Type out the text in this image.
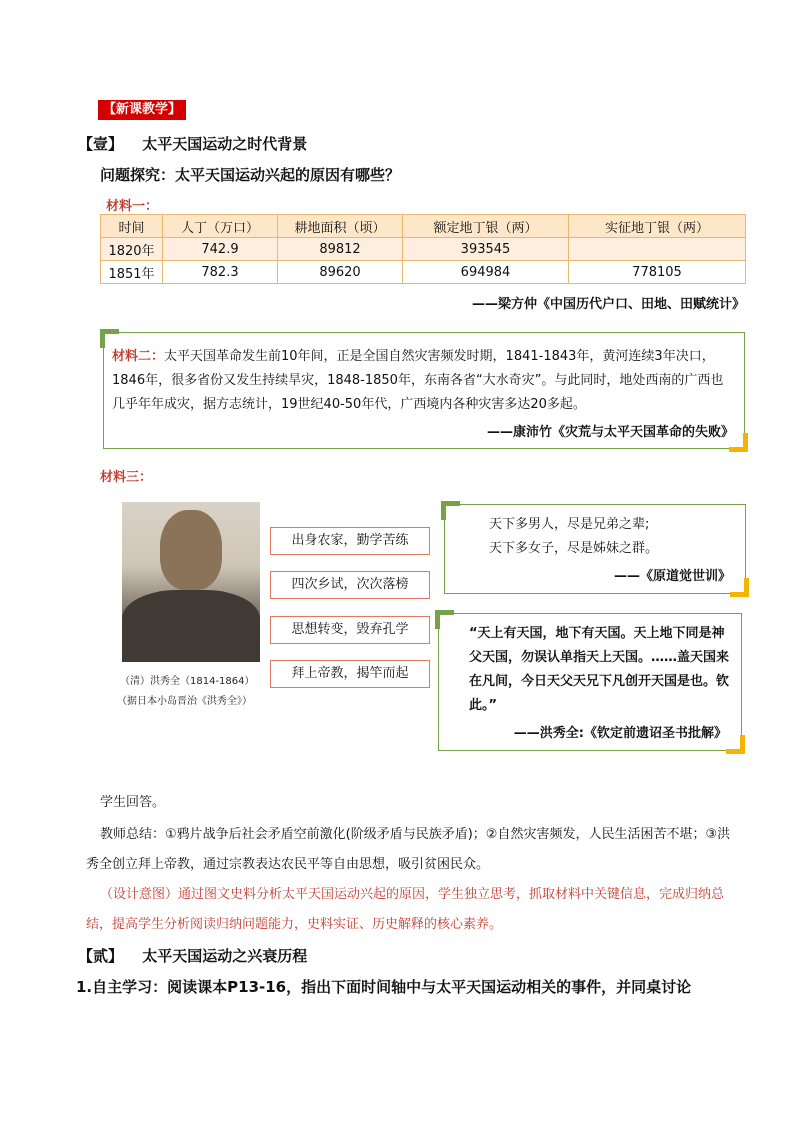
【新课教学】
【壹】 太平天国运动之时代背景
问题探究：太平天国运动兴起的原因有哪些？
材料一：
时间	人丁（万口）	耕地面积（顷）	额定地丁银（两）	实征地丁银（两）
1820年	742.9	89812	393545	
1851年	782.3	89620	694984	778105
——梁方仲《中国历代户口、田地、田赋统计》
材料二：太平天国革命发生前10年间，正是全国自然灾害频发时期，1841-1843年，黄河连续3年决口，1846年，很多省份又发生持续旱灾，1848-1850年，东南各省“大水奇灾”。与此同时，地处西南的广西也几乎年年成灾，据方志统计，19世纪40-50年代，广西境内各种灾害多达20多起。
——康沛竹《灾荒与太平天国革命的失败》
材料三：
（清）洪秀全（1814-1864）
（据日本小岛晋治《洪秀全》）
出身农家，勤学苦练
四次乡试，次次落榜
思想转变，毁弃孔学
拜上帝教，揭竿而起
天下多男人，尽是兄弟之辈;
天下多女子，尽是姊妹之群。
——《原道觉世训》
“天上有天国，地下有天国。天上地下同是神父天国，勿误认单指天上天国。……盖天国来在凡间，今日天父天兄下凡创开天国是也。钦此。”
——洪秀全:《钦定前遗诏圣书批解》
学生回答。
教师总结：①鸦片战争后社会矛盾空前激化(阶级矛盾与民族矛盾)；②自然灾害频发，人民生活困苦不堪；③洪秀全创立拜上帝教，通过宗教表达农民平等自由思想，吸引贫困民众。
（设计意图）通过图文史料分析太平天国运动兴起的原因，学生独立思考，抓取材料中关键信息，完成归纳总结，提高学生分析阅读归纳问题能力，史料实证、历史解释的核心素养。
【贰】 太平天国运动之兴衰历程
1.自主学习：阅读课本P13-16，指出下面时间轴中与太平天国运动相关的事件，并同桌讨论
